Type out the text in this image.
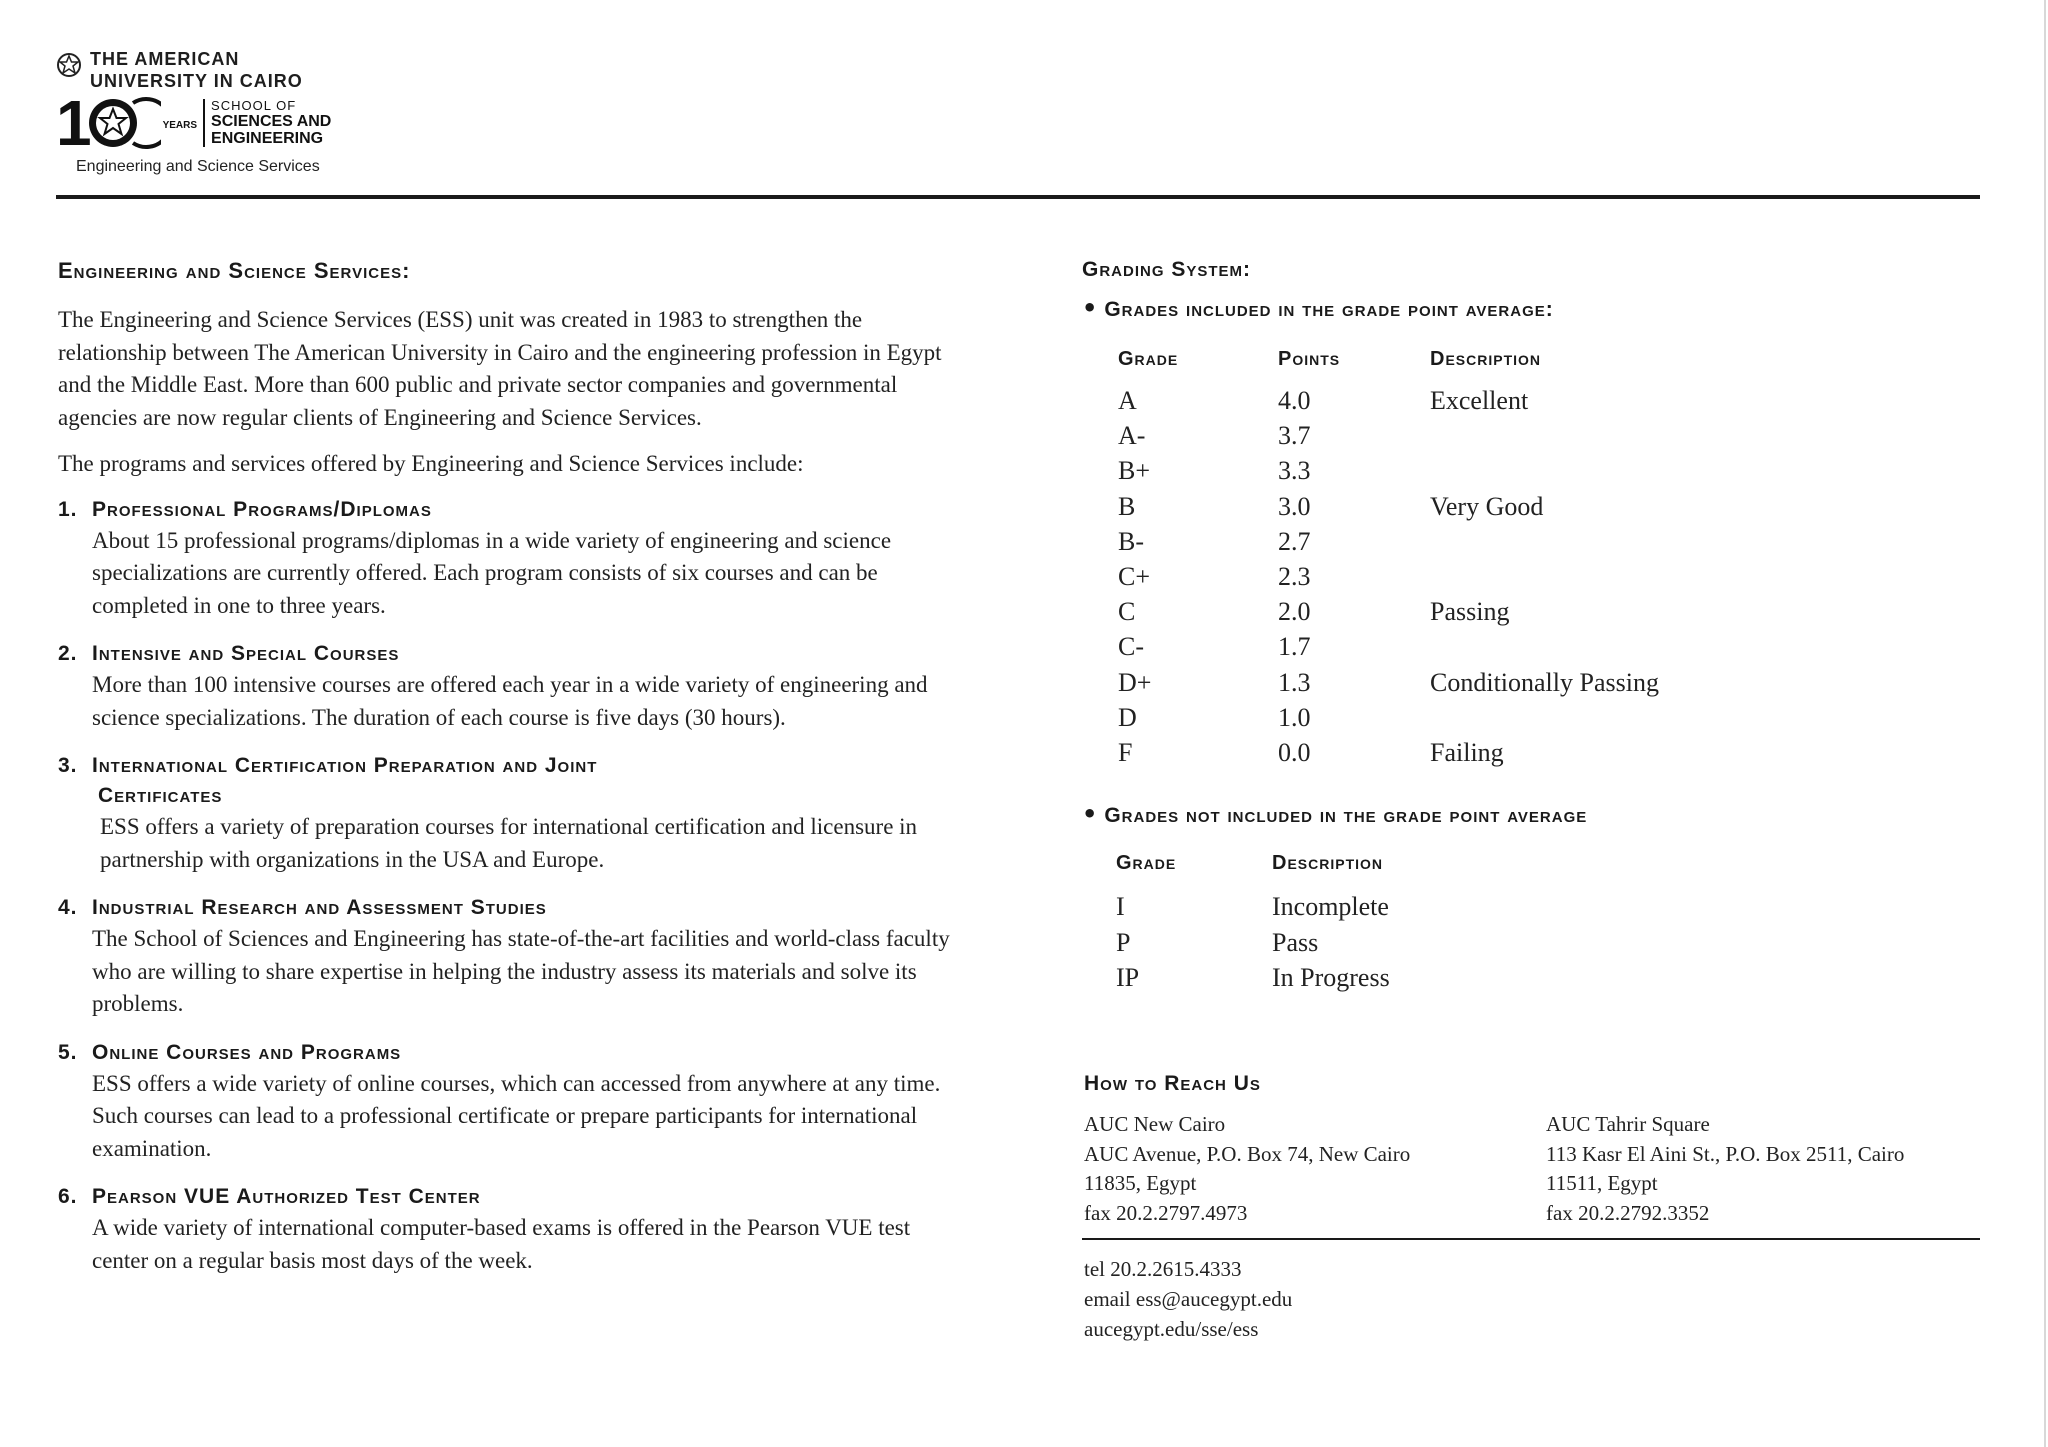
THE AMERICAN
UNIVERSITY IN CAIRO
1	YEARS
SCHOOL OF
SCIENCES AND
ENGINEERING
Engineering and Science Services
Engineering and Science Services:

The Engineering and Science Services (ESS) unit was created in 1983 to strengthen the relationship between The American University in Cairo and the engineering profession in Egypt and the Middle East. More than 600 public and private sector companies and governmental agencies are now regular clients of Engineering and Science Services.

The programs and services offered by Engineering and Science Services include:

1. Professional Programs/Diplomas
About 15 professional programs/diplomas in a wide variety of engineering and science specializations are currently offered. Each program consists of six courses and can be completed in one to three years.
2. Intensive and Special Courses
More than 100 intensive courses are offered each year in a wide variety of engineering and science specializations. The duration of each course is five days (30 hours).
3. International Certification Preparation and Joint
Certificates
ESS offers a variety of preparation courses for international certification and licensure in partnership with organizations in the USA and Europe.
4. Industrial Research and Assessment Studies
The School of Sciences and Engineering has state-of-the-art facilities and world-class faculty who are willing to share expertise in helping the industry assess its materials and solve its problems.
5. Online Courses and Programs
ESS offers a wide variety of online courses, which can accessed from anywhere at any time. Such courses can lead to a professional certificate or prepare participants for international examination.
6. Pearson VUE Authorized Test Center
A wide variety of international computer-based exams is offered in the Pearson VUE test center on a regular basis most days of the week.
Grading System:
• Grades included in the grade point average:
Grade	Points	Description
A	4.0	Excellent
A-	3.7	
B+	3.3	
B	3.0	Very Good
B-	2.7	
C+	2.3	
C	2.0	Passing
C-	1.7	
D+	1.3	Conditionally Passing
D	1.0	
F	0.0	Failing
• Grades not included in the grade point average
Grade	Description
I	Incomplete
P	Pass
IP	In Progress
How to Reach Us
AUC New Cairo
AUC Avenue, P.O. Box 74, New Cairo
11835, Egypt
fax 20.2.2797.4973
AUC Tahrir Square
113 Kasr El Aini St., P.O. Box 2511, Cairo
11511, Egypt
fax 20.2.2792.3352
tel 20.2.2615.4333
email ess@aucegypt.edu
aucegypt.edu/sse/ess
